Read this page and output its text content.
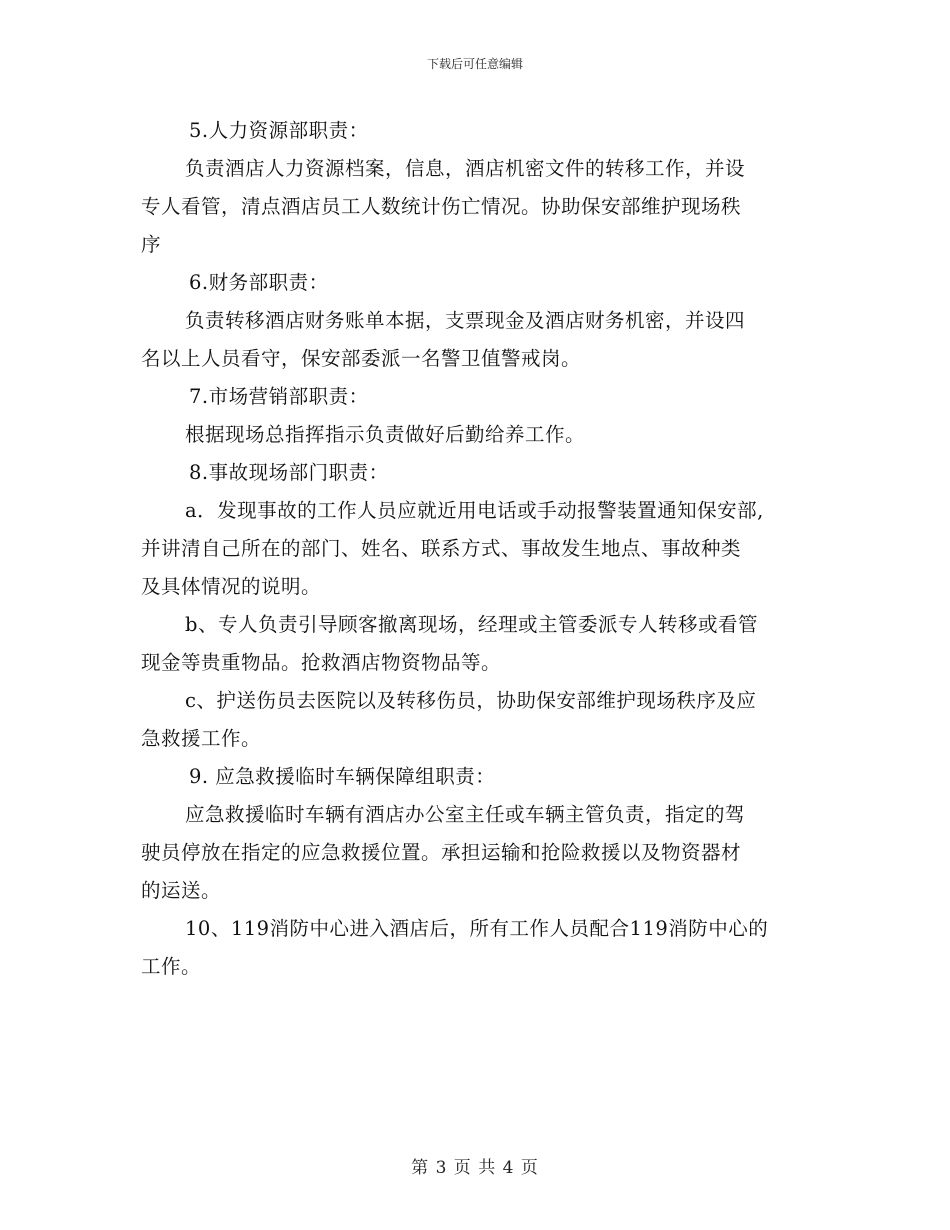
下载后可任意编辑
5.人力资源部职责：
负责酒店人力资源档案，信息，酒店机密文件的转移工作，并设
专人看管，清点酒店员工人数统计伤亡情况。协助保安部维护现场秩
序
6.财务部职责：
负责转移酒店财务账单本据，支票现金及酒店财务机密，并设四
名以上人员看守，保安部委派一名警卫值警戒岗。
7.市场营销部职责：
根据现场总指挥指示负责做好后勤给养工作。
8.事故现场部门职责：
a．发现事故的工作人员应就近用电话或手动报警装置通知保安部,
并讲清自己所在的部门、姓名、联系方式、事故发生地点、事故种类
及具体情况的说明。
b、专人负责引导顾客撤离现场，经理或主管委派专人转移或看管
现金等贵重物品。抢救酒店物资物品等。
c、护送伤员去医院以及转移伤员，协助保安部维护现场秩序及应
急救援工作。
9. 应急救援临时车辆保障组职责：
应急救援临时车辆有酒店办公室主任或车辆主管负责，指定的驾
驶员停放在指定的应急救援位置。承担运输和抢险救援以及物资器材
的运送。
10、119消防中心进入酒店后，所有工作人员配合119消防中心的
工作。
第 3 页 共 4 页
